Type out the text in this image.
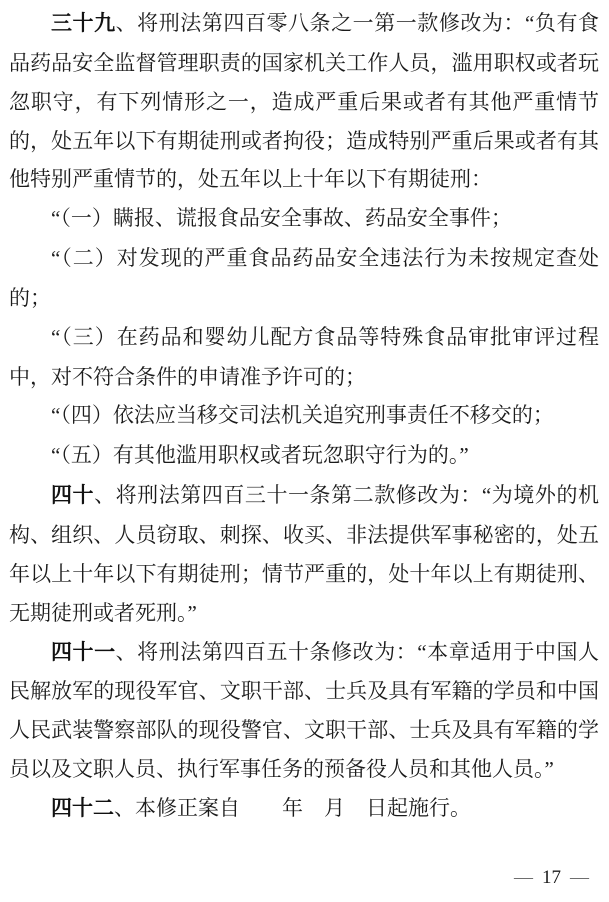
三十九、将刑法第四百零八条之一第一款修改为：“负有食品药品安全监督管理职责的国家机关工作人员，滥用职权或者玩忽职守，有下列情形之一，造成严重后果或者有其他严重情节的，处五年以下有期徒刑或者拘役；造成特别严重后果或者有其他特别严重情节的，处五年以上十年以下有期徒刑：

“（一）瞒报、谎报食品安全事故、药品安全事件；

“（二）对发现的严重食品药品安全违法行为未按规定查处的；

“（三）在药品和婴幼儿配方食品等特殊食品审批审评过程中，对不符合条件的申请准予许可的；

“（四）依法应当移交司法机关追究刑事责任不移交的；

“（五）有其他滥用职权或者玩忽职守行为的。”

四十、将刑法第四百三十一条第二款修改为：“为境外的机构、组织、人员窃取、刺探、收买、非法提供军事秘密的，处五年以上十年以下有期徒刑；情节严重的，处十年以上有期徒刑、无期徒刑或者死刑。”

四十一、将刑法第四百五十条修改为：“本章适用于中国人民解放军的现役军官、文职干部、士兵及具有军籍的学员和中国人民武装警察部队的现役警官、文职干部、士兵及具有军籍的学员以及文职人员、执行军事任务的预备役人员和其他人员。”

四十二、本修正案自　　年　月　日起施行。

— 17 —
